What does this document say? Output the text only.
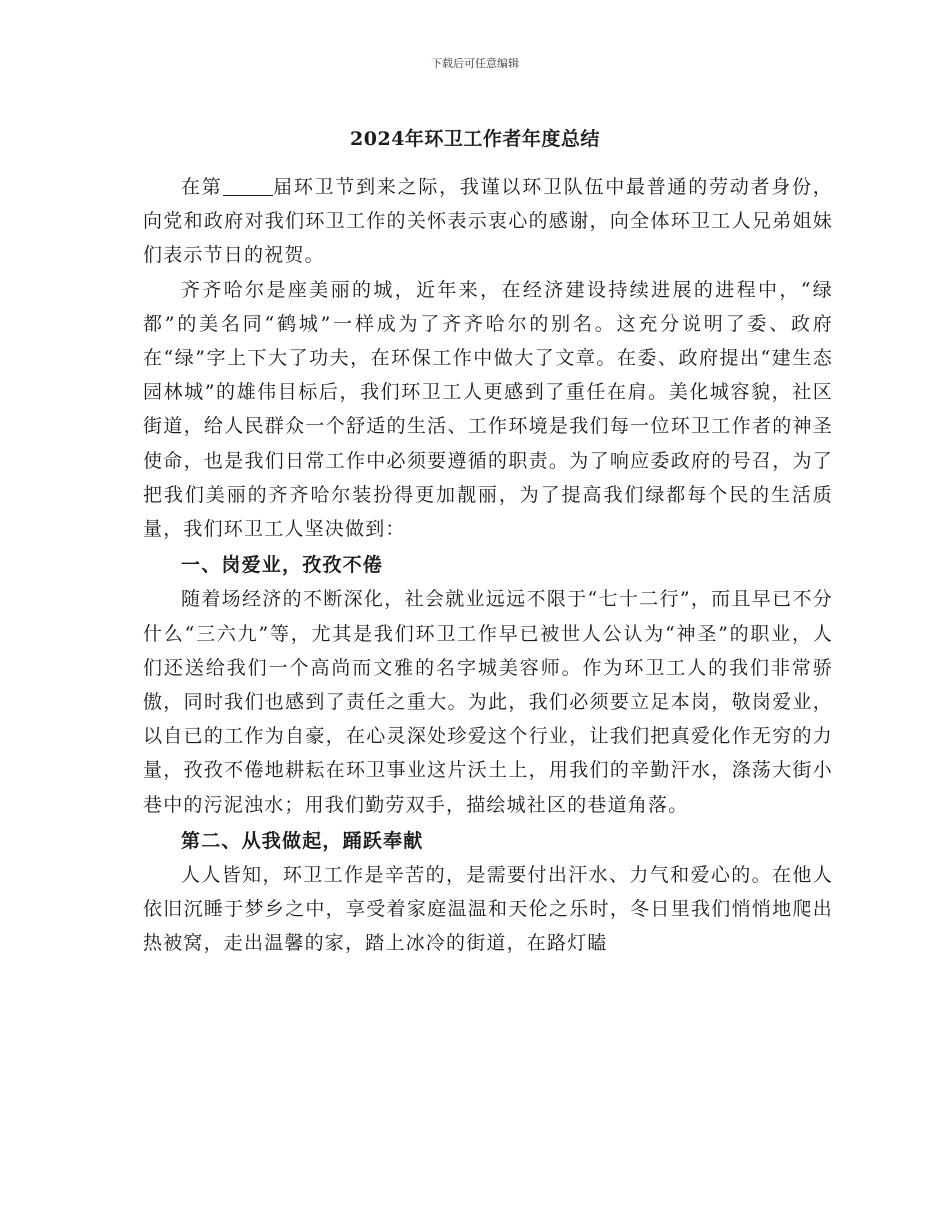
下载后可任意编辑
2024年环卫工作者年度总结

在第	届环卫节到来之际，我谨以环卫队伍中最普通的劳动者身份，向党和政府对我们环卫工作的关怀表示衷心的感谢，向全体环卫工人兄弟姐妹们表示节日的祝贺。

齐齐哈尔是座美丽的城，近年来，在经济建设持续进展的进程中，“绿都”的美名同“鹤城”一样成为了齐齐哈尔的别名。这充分说明了委、政府在“绿”字上下大了功夫，在环保工作中做大了文章。在委、政府提出“建生态园林城”的雄伟目标后，我们环卫工人更感到了重任在肩。美化城容貌，社区街道，给人民群众一个舒适的生活、工作环境是我们每一位环卫工作者的神圣使命，也是我们日常工作中必须要遵循的职责。为了响应委政府的号召，为了把我们美丽的齐齐哈尔装扮得更加靓丽，为了提高我们绿都每个民的生活质量，我们环卫工人坚决做到：

一、岗爱业，孜孜不倦

随着场经济的不断深化，社会就业远远不限于“七十二行”，而且早已不分什么“三六九”等，尤其是我们环卫工作早已被世人公认为“神圣”的职业，人们还送给我们一个高尚而文雅的名字城美容师。作为环卫工人的我们非常骄傲，同时我们也感到了责任之重大。为此，我们必须要立足本岗，敬岗爱业，以自已的工作为自豪，在心灵深处珍爱这个行业，让我们把真爱化作无穷的力量，孜孜不倦地耕耘在环卫事业这片沃土上，用我们的辛勤汗水，涤荡大街小巷中的污泥浊水；用我们勤劳双手，描绘城社区的巷道角落。

第二、从我做起，踊跃奉献

人人皆知，环卫工作是辛苦的，是需要付出汗水、力气和爱心的。在他人依旧沉睡于梦乡之中，享受着家庭温温和天伦之乐时，冬日里我们悄悄地爬出热被窝，走出温馨的家，踏上冰冷的街道，在路灯瞌
